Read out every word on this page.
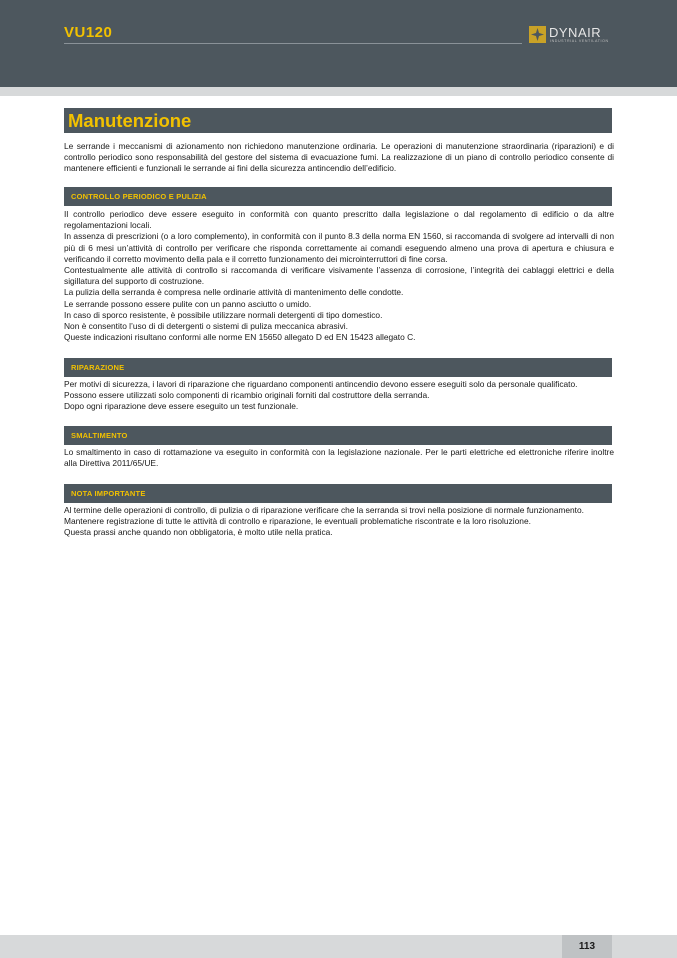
VU120	DYNAIR
INDUSTRIAL VENTILATION
Manutenzione
Le serrande i meccanismi di azionamento non richiedono manutenzione ordinaria. Le operazioni di manutenzione straordinaria (riparazioni) e di controllo periodico sono responsabilità del gestore del sistema di evacuazione fumi. La realizzazione di un piano di controllo periodico consente di mantenere efficienti e funzionali le serrande ai fini della sicurezza antincendio dell’edificio.
CONTROLLO PERIODICO E PULIZIA

Il controllo periodico deve essere eseguito in conformità con quanto prescritto dalla legislazione o dal regolamento di edificio o da altre regolamentazioni locali.

In assenza di prescrizioni (o a loro complemento), in conformità con il punto 8.3 della norma EN 1560, si raccomanda di svolgere ad intervalli di non più di 6 mesi un’attività di controllo per verificare che risponda correttamente ai comandi eseguendo almeno una prova di apertura e chiusura e verificando il corretto movimento della pala e il corretto funzionamento dei microinterruttori di fine corsa.

Contestualmente alle attività di controllo si raccomanda di verificare visivamente l’assenza di corrosione, l’integrità dei cablaggi elettrici e della sigillatura del supporto di costruzione.

La pulizia della serranda è compresa nelle ordinarie attività di mantenimento delle condotte.

Le serrande possono essere pulite con un panno asciutto o umido.

In caso di sporco resistente, è possibile utilizzare normali detergenti di tipo domestico.

Non è consentito l’uso di di detergenti o sistemi di puliza meccanica abrasivi.

Queste indicazioni risultano conformi alle norme EN 15650 allegato D ed EN 15423 allegato C.

RIPARAZIONE

Per motivi di sicurezza, i lavori di riparazione che riguardano componenti antincendio devono essere eseguiti solo da personale qualificato.

Possono essere utilizzati solo componenti di ricambio originali forniti dal costruttore della serranda.

Dopo ogni riparazione deve essere eseguito un test funzionale.

SMALTIMENTO

Lo smaltimento in caso di rottamazione va eseguito in conformità con la legislazione nazionale. Per le parti elettriche ed elettroniche riferire inoltre alla Direttiva 2011/65/UE.

NOTA IMPORTANTE

Al termine delle operazioni di controllo, di pulizia o di riparazione verificare che la serranda si trovi nella posizione di normale funzionamento.

Mantenere registrazione di tutte le attività di controllo e riparazione, le eventuali problematiche riscontrate e la loro risoluzione.

Questa prassi anche quando non obbligatoria, è molto utile nella pratica.

113
